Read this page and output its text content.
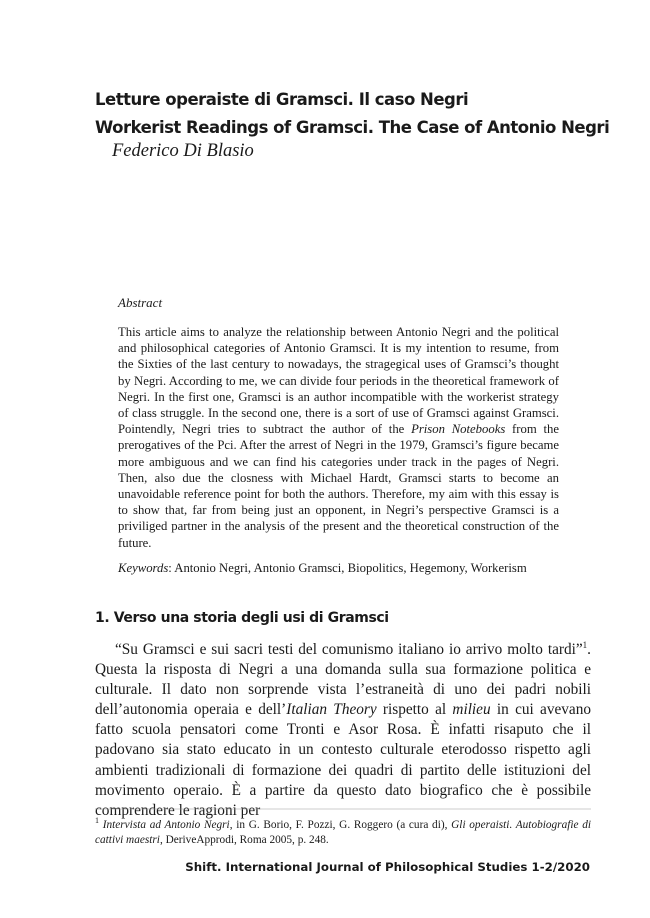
Letture operaiste di Gramsci. Il caso Negri
Workerist Readings of Gramsci. The Case of Antonio Negri
Federico Di Blasio
Abstract
This article aims to analyze the relationship between Antonio Negri and the political and philosophical categories of Antonio Gramsci. It is my intention to resume, from the Sixties of the last century to nowadays, the stragegical uses of Gramsci’s thought by Negri. According to me, we can divide four periods in the theoretical framework of Negri. In the first one, Gramsci is an author incompatible with the workerist strategy of class struggle. In the second one, there is a sort of use of Gramsci against Gramsci. Pointendly, Negri tries to subtract the author of the Prison Notebooks from the prerogatives of the Pci. After the arrest of Negri in the 1979, Gramsci’s figure became more ambiguous and we can find his categories under track in the pages of Negri. Then, also due the closness with Michael Hardt, Gramsci starts to become an unavoidable reference point for both the authors. Therefore, my aim with this essay is to show that, far from being just an opponent, in Negri’s perspective Gramsci is a priviliged partner in the analysis of the present and the theoretical construction of the future.
Keywords: Antonio Negri, Antonio Gramsci, Biopolitics, Hegemony, Workerism
1. Verso una storia degli usi di Gramsci
“Su Gramsci e sui sacri testi del comunismo italiano io arrivo molto tardi”$^1$. Questa la risposta di Negri a una domanda sulla sua formazione politica e culturale. Il dato non sorprende vista l’estraneità di uno dei padri nobili dell’autonomia operaia e dell’Italian Theory rispetto al milieu in cui avevano fatto scuola pensatori come Tronti e Asor Rosa. È infatti risaputo che il padovano sia stato educato in un contesto culturale eterodosso rispetto agli ambienti tradizionali di formazione dei quadri di partito delle istituzioni del movimento operaio. È a partire da questo dato biografico che è possibile comprendere le ragioni per
$^1$ Intervista ad Antonio Negri, in G. Borio, F. Pozzi, G. Roggero (a cura di), Gli operaisti. Autobiografie di cattivi maestri, DeriveApprodi, Roma 2005, p. 248.
Shift. International Journal of Philosophical Studies 1-2/2020
